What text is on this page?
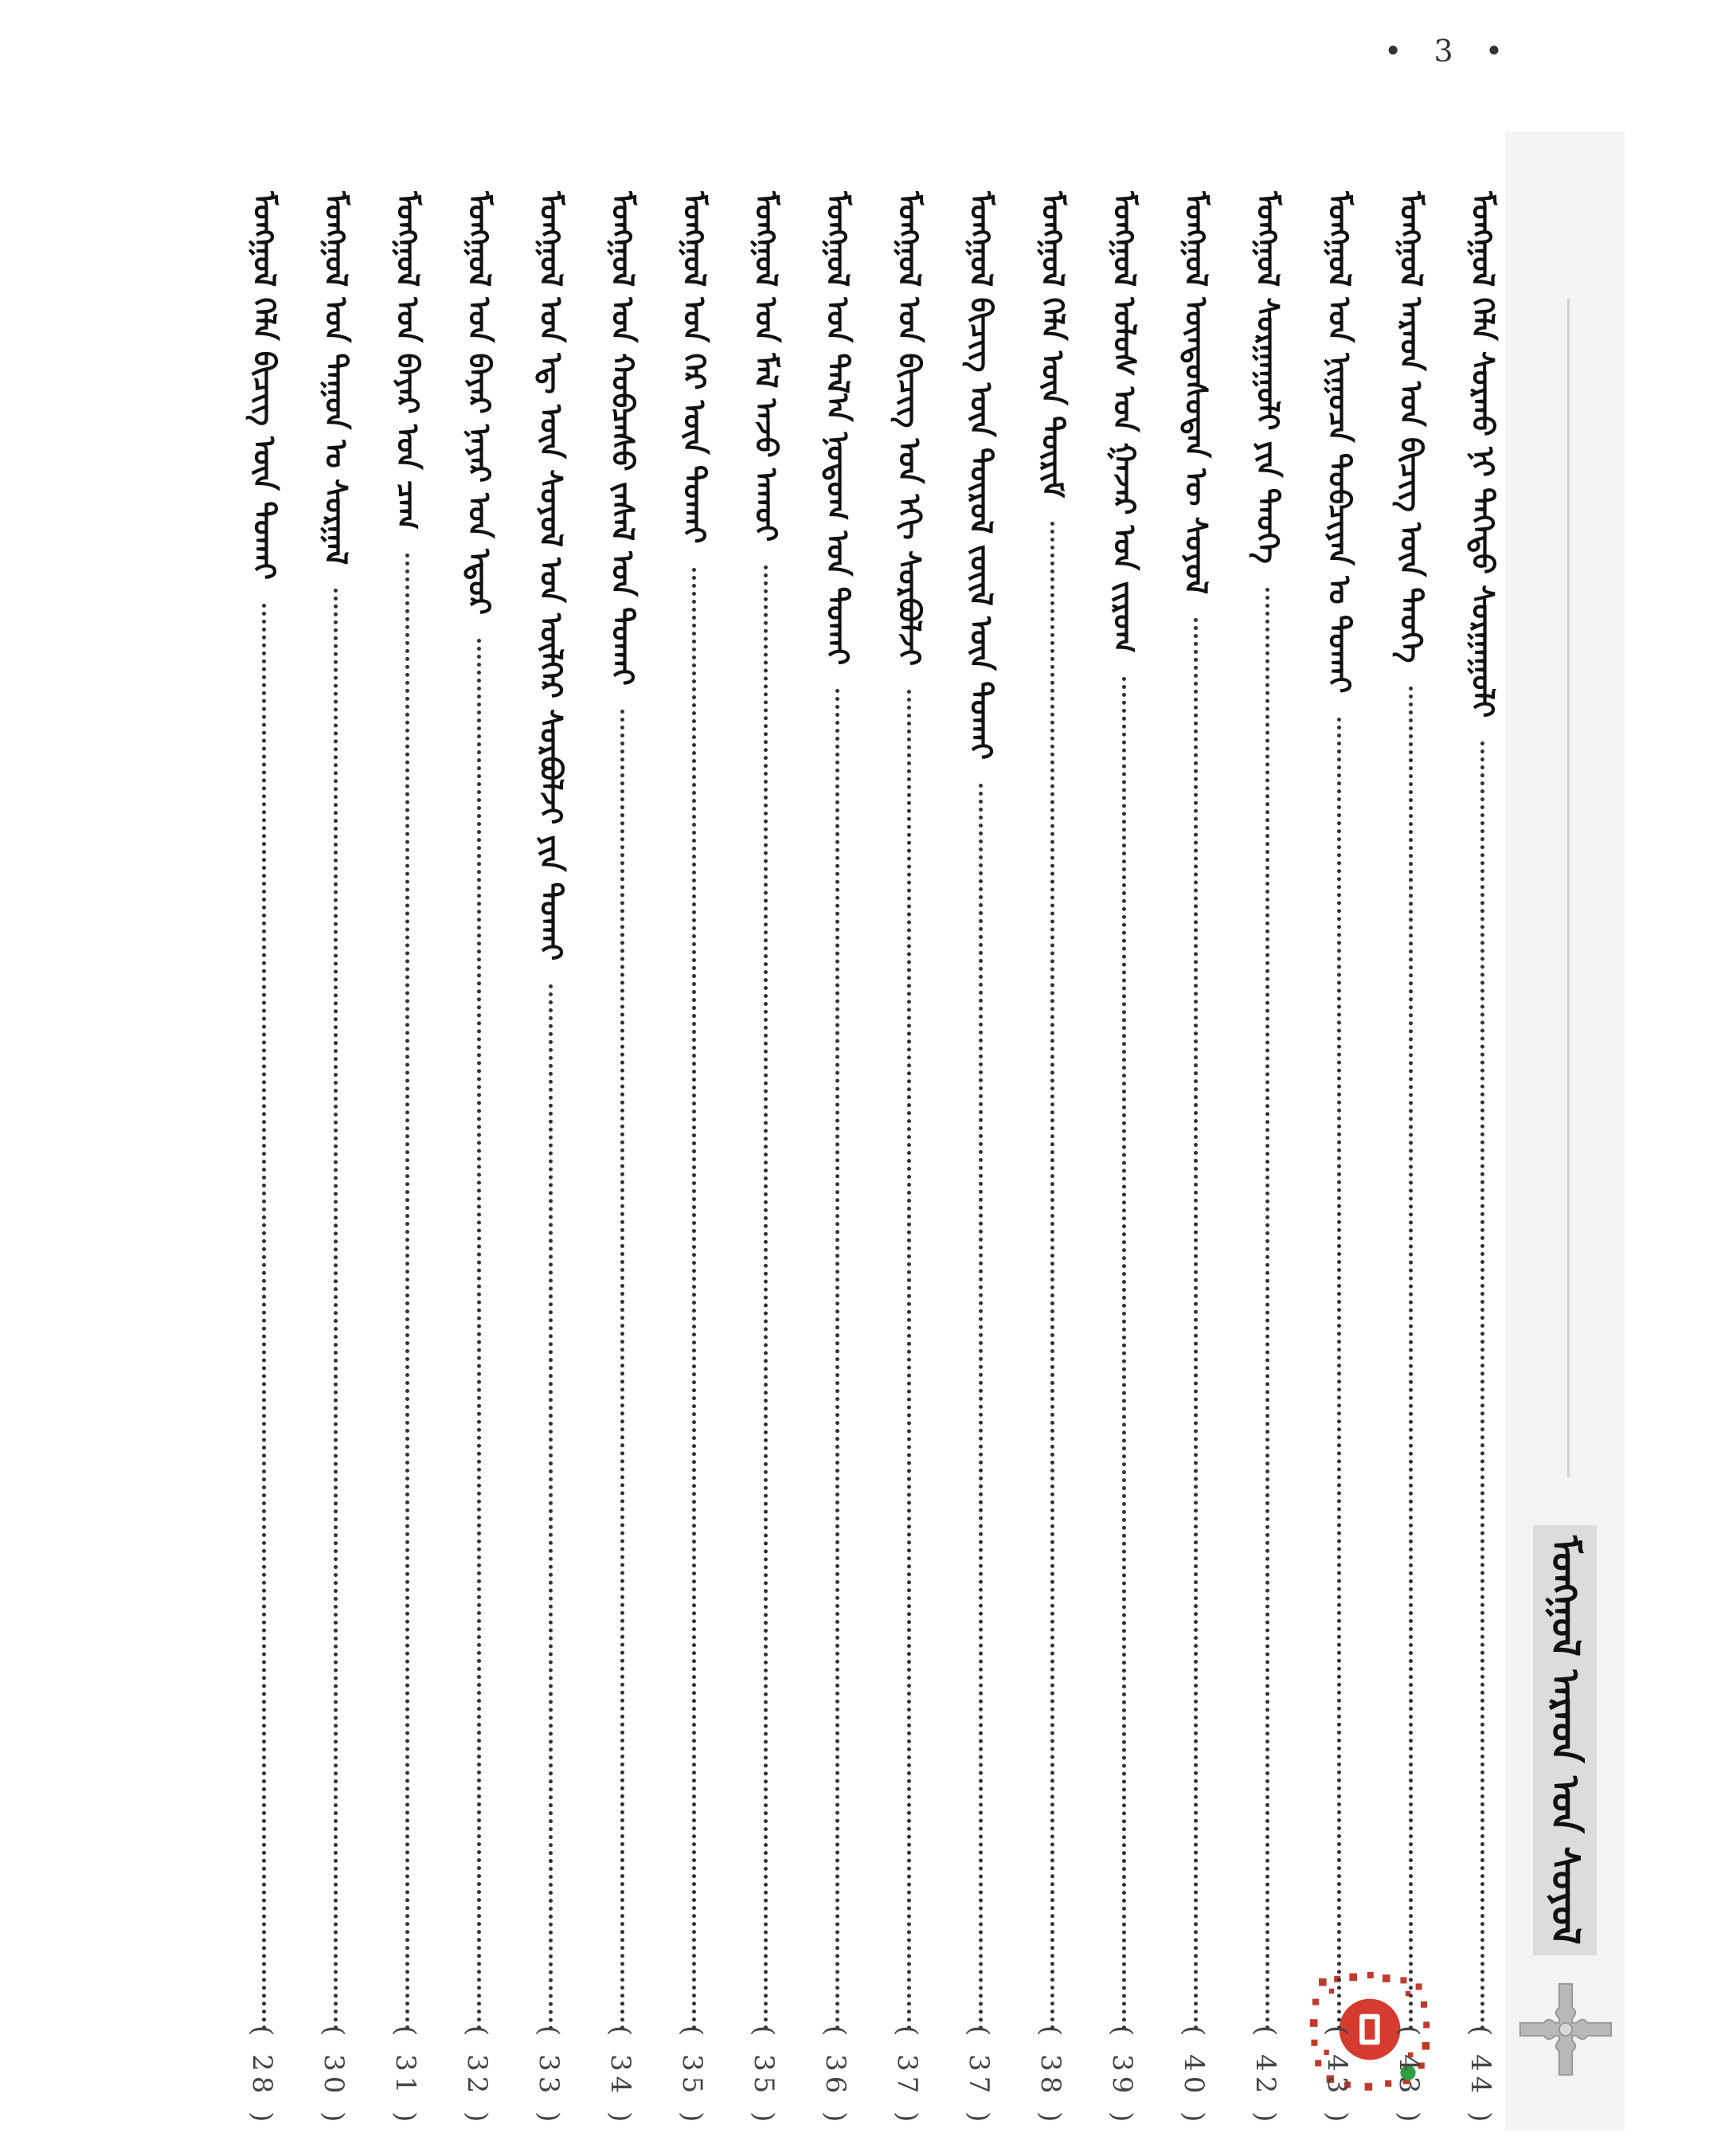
• 3 •
ᠮᠣᠩᠭᠣᠯ ᠠᠷᠠᠳ ᠤᠨ ᠰᠣᠶᠣᠯ
ᠮᠣᠩᠭᠣᠯ ᠬᠡᠯᠡ ᠰᠤᠷᠬᠤ ᠨᠢ ᠳᠡᠭᠡᠳᠦ ᠰᠤᠷᠭᠠᠭᠤᠯᠢ
( 44 )
ᠮᠣᠩᠭᠣᠯ ᠠᠷᠠᠳ ᠤᠨ ᠪᠢᠴᠢᠭ ᠦᠨ ᠲᠡᠦᠬᠡ
( 43 )
ᠮᠣᠩᠭᠣᠯ ᠤᠨ ᠨᠢᠭᠤᠴᠠ ᠲᠣᠪᠴᠢᠶᠠᠨ ᠤ ᠲᠤᠬᠠᠢ
( 43 )
ᠮᠣᠩᠭᠣᠯ ᠰᠤᠷᠭᠠᠭᠤᠯᠢ ᠶᠢᠨ ᠲᠡᠦᠬᠡ
( 42 )
ᠮᠣᠩᠭᠣᠯ ᠦᠨᠳᠦᠰᠦᠲᠡᠨ ᠦ ᠰᠣᠶᠣᠯ
( 40 )
ᠮᠣᠩᠭᠣᠯ ᠤᠯᠤᠰ ᠤᠨ ᠭᠠᠵᠠᠷ ᠤᠨ ᠵᠢᠷᠤᠭ
( 39 )
ᠮᠣᠩᠭᠣᠯ ᠬᠡᠯᠡ ᠦᠨ ᠳᠦᠷᠢᠮ
( 38 )
ᠮᠣᠩᠭᠣᠯ ᠪᠢᠴᠢᠭ ᠦᠨ ᠲᠦᠷᠦᠯ ᠵᠦᠢᠯ ᠦᠨ ᠲᠤᠬᠠᠢ
( 37 )
ᠮᠣᠩᠭᠣᠯ ᠤᠨ ᠪᠢᠴᠢᠭ ᠤᠨ ᠡᠬᠢ ᠰᠤᠷᠪᠤᠯᠵᠢ
( 37 )
ᠮᠣᠩᠭᠣᠯ ᠤᠨ ᠲᠠᠯ᠎ᠠ ᠨᠤᠲᠤᠭ ᠤᠨ ᠲᠤᠬᠠᠢ
( 36 )
ᠮᠣᠩᠭᠣᠯ ᠤᠨ ᠮᠠᠯ ᠠᠵᠤ ᠠᠬᠤᠢ
( 35 )
ᠮᠣᠩᠭᠣᠯ ᠤᠨ ᠭᠡᠷ ᠦᠨ ᠲᠤᠬᠠᠢ
( 35 )
ᠮᠣᠩᠭᠣᠯ ᠤᠨ ᠬᠤᠪᠴᠠᠰᠤ ᠵᠠᠰᠠᠯ ᠤᠨ ᠲᠤᠬᠠᠢ
( 34 )
ᠮᠣᠩᠭᠣᠯ ᠤᠨ ᠡᠳ᠋ ᠦᠨ ᠰᠣᠶᠣᠯ ᠤᠨ ᠦᠯᠭᠡᠷ ᠰᠤᠷᠪᠤᠯᠵᠢ ᠶᠢᠨ ᠲᠤᠬᠠᠢ
( 33 )
ᠮᠣᠩᠭᠣᠯ ᠤᠨ ᠪᠠᠶᠠᠷ ᠨᠠᠶᠠᠷ ᠤᠨ ᠡᠳᠦᠷ
( 32 )
ᠮᠣᠩᠭᠣᠯ ᠤᠨ ᠪᠠᠶᠠᠷ ᠤᠨ ᠴᠠᠭ
( 31 )
ᠮᠣᠩᠭᠣᠯ ᠤᠨ ᠳᠠᠭᠤᠨ ᠤ ᠰᠤᠷᠭᠠᠯ
( 30 )
ᠮᠣᠩᠭᠣᠯ ᠬᠡᠯᠡ ᠪᠢᠴᠢᠭ ᠦᠨ ᠲᠤᠬᠠᠢ
( 28 )
